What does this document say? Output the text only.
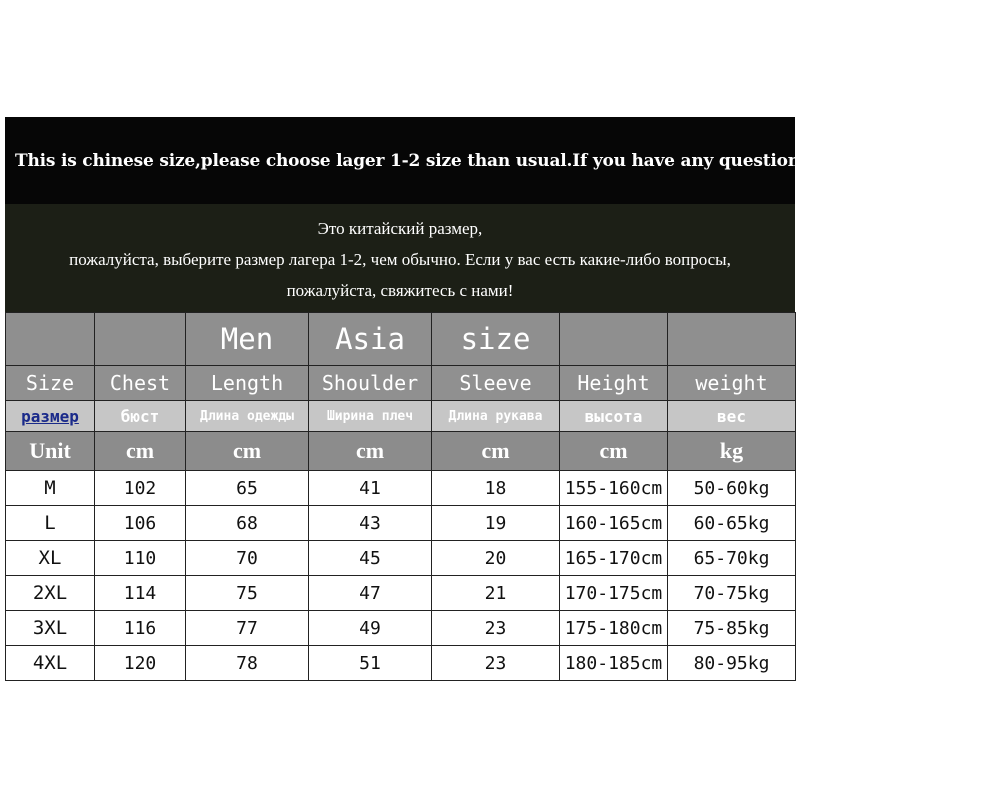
This is chinese size,please choose lager 1-2 size than usual.If you have any questions,please contact us!
Это китайский размер,
пожалуйста, выберите размер лагера 1-2, чем обычно. Если у вас есть какие-либо вопросы,
пожалуйста, свяжитесь с нами!
		Men	Asia	size		
Size	Chest	Length	Shoulder	Sleeve	Height	weight
размер	бюст	Длина одежды	Ширина плеч	Длина рукава	высота	вес
Unit	cm	cm	cm	cm	cm	kg
M	102	65	41	18	155-160cm	50-60kg
L	106	68	43	19	160-165cm	60-65kg
XL	110	70	45	20	165-170cm	65-70kg
2XL	114	75	47	21	170-175cm	70-75kg
3XL	116	77	49	23	175-180cm	75-85kg
4XL	120	78	51	23	180-185cm	80-95kg
